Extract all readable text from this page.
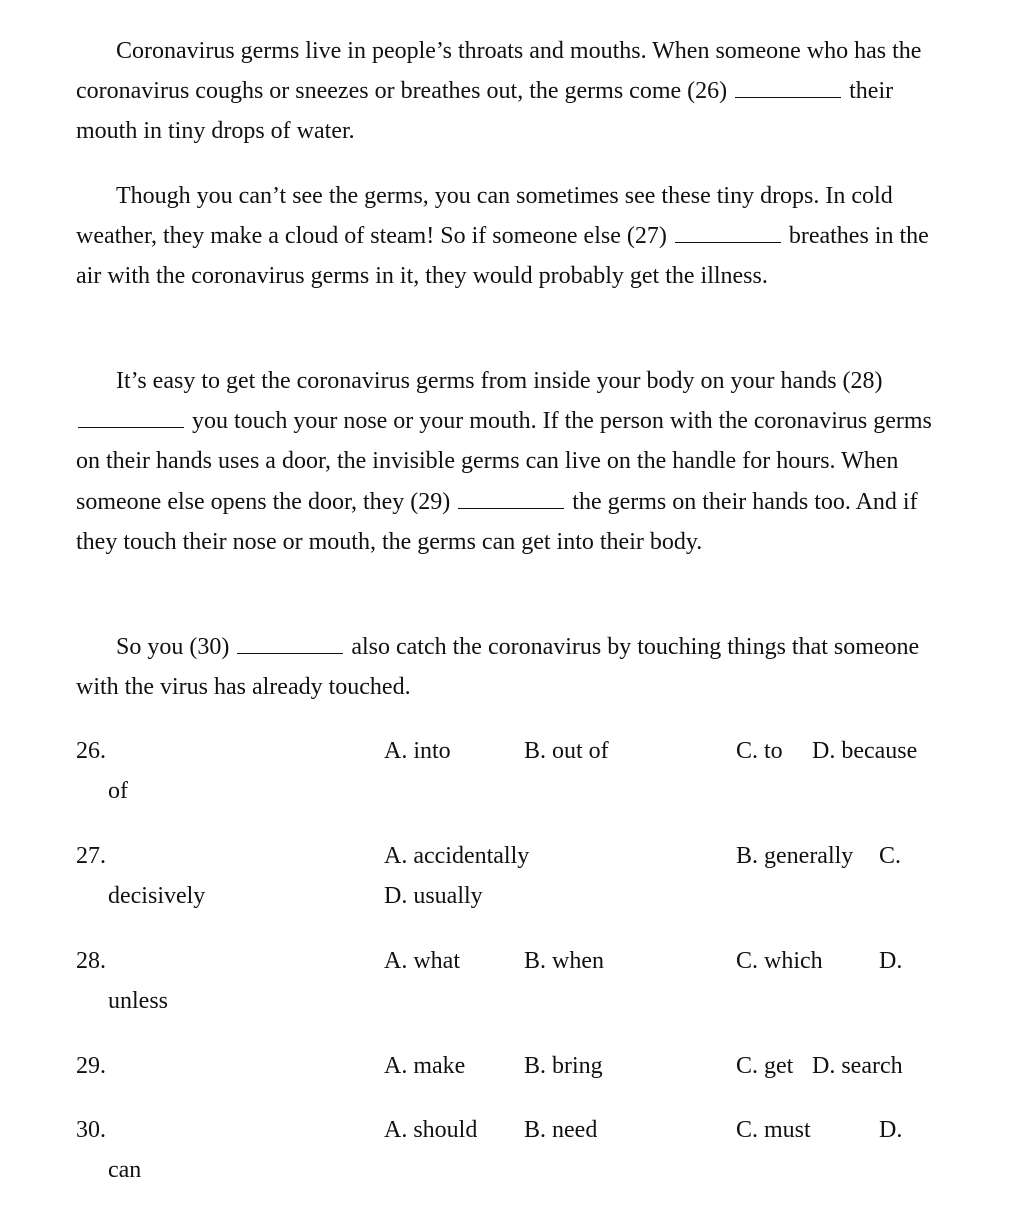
Coronavirus germs live in people’s throats and mouths. When someone who has the coronavirus coughs or sneezes or breathes out, the germs come (26)	their mouth in tiny drops of water.

Though you can’t see the germs, you can sometimes see these tiny drops. In cold weather, they make a cloud of steam! So if someone else (27)	breathes in the air with the coronavirus germs in it, they would probably get the illness.

It’s easy to get the coronavirus germs from inside your body on your hands (28)  you touch your nose or your mouth. If the person with the coronavirus germs on their hands uses a door, the invisible germs can live on the handle for hours. When someone else opens the door, they (29)	the germs on their hands too. And if they touch their nose or mouth, the germs can get into their body.

So you (30)	also catch the coronavirus by touching things that someone with the virus has already touched.

26.	A. into	B. out of	C. to D. because
of
27.	A. accidentally	B. generally C.
decisively	D. usually
28.	A. what	B. when	C. which D.
unless
29.	A. make B. bring	C. get D. search
30.	A. should B. need	C. must	D.
can
